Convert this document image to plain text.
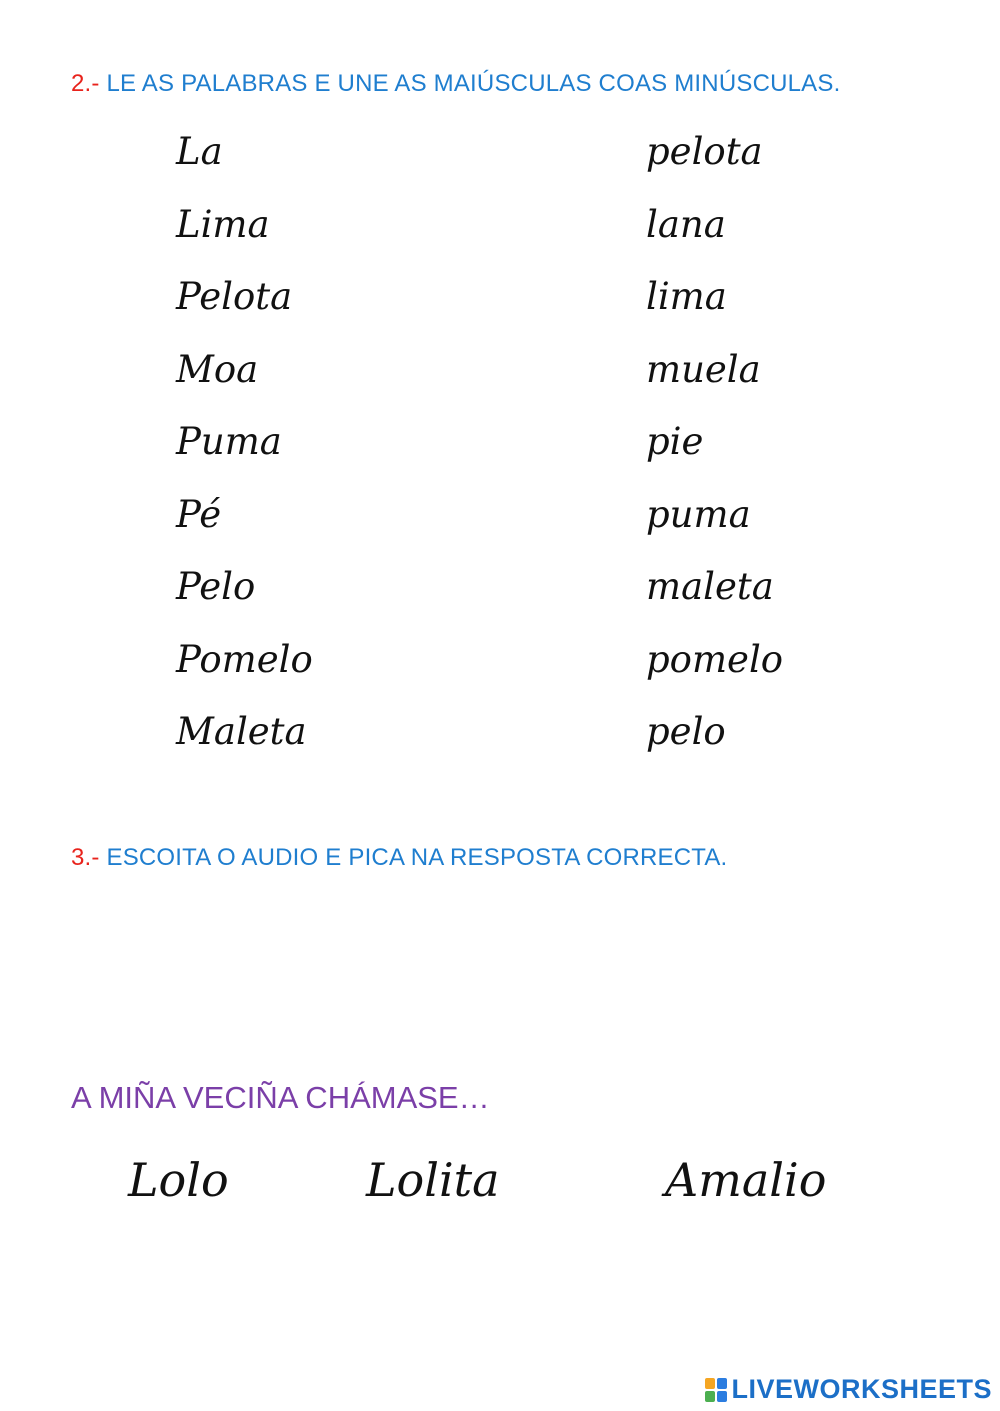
2.- LE AS PALABRAS E UNE AS MAIÚSCULAS COAS MINÚSCULAS.
La
Lima
Pelota
Moa
Puma
Pé
Pelo
Pomelo
Maleta
pelota
lana
lima
muela
pie
puma
maleta
pomelo
pelo
3.- ESCOITA O AUDIO E PICA NA RESPOSTA CORRECTA.
A MIÑA VECIÑA CHÁMASE…
Lolo	Lolita	Amalio
LIVEWORKSHEETS
